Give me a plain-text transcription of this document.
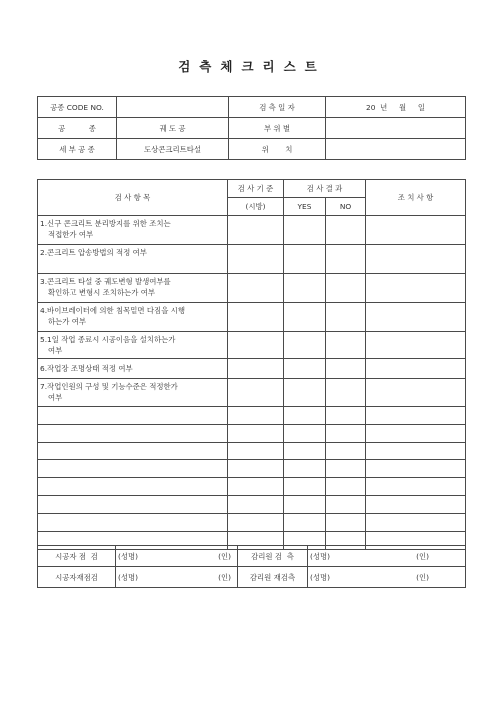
검측체크리스트
공종 CODE NO.		검 측 일 자	20  년     월     일
공          종	궤 도 공	부 위 별	
세 부 공 종	도상콘크리트타설	위       치	
검 사 항 목	검 사 기 준	검 사 결 과		조 치 사 항
	(시방)	YES	NO	
1.신구 콘크리트 분리방지를 위한 조치는
적접한가 여부				

2.콘크리트 압송방법의 적정 여부

3.콘크리트 타설 중 궤도변형 발생여부를
확인하고 변형시 조치하는가 여부				

4.바이브레이터에 의한 침목밑면 다짐을 시행
하는가 여부				

5.1일 작업 종료시 시공이음을 설치하는가
여부				

6.작업장 조명상태 적정 여부				
7.작업인원의 구성 및 기능수준은 적정한가
여부				

시공자 점  검	(성명) (인)	감리원 검  측	(성명) (인)

시공자재점검	(성명) (인)	감리원 재검측	(성명) (인)
